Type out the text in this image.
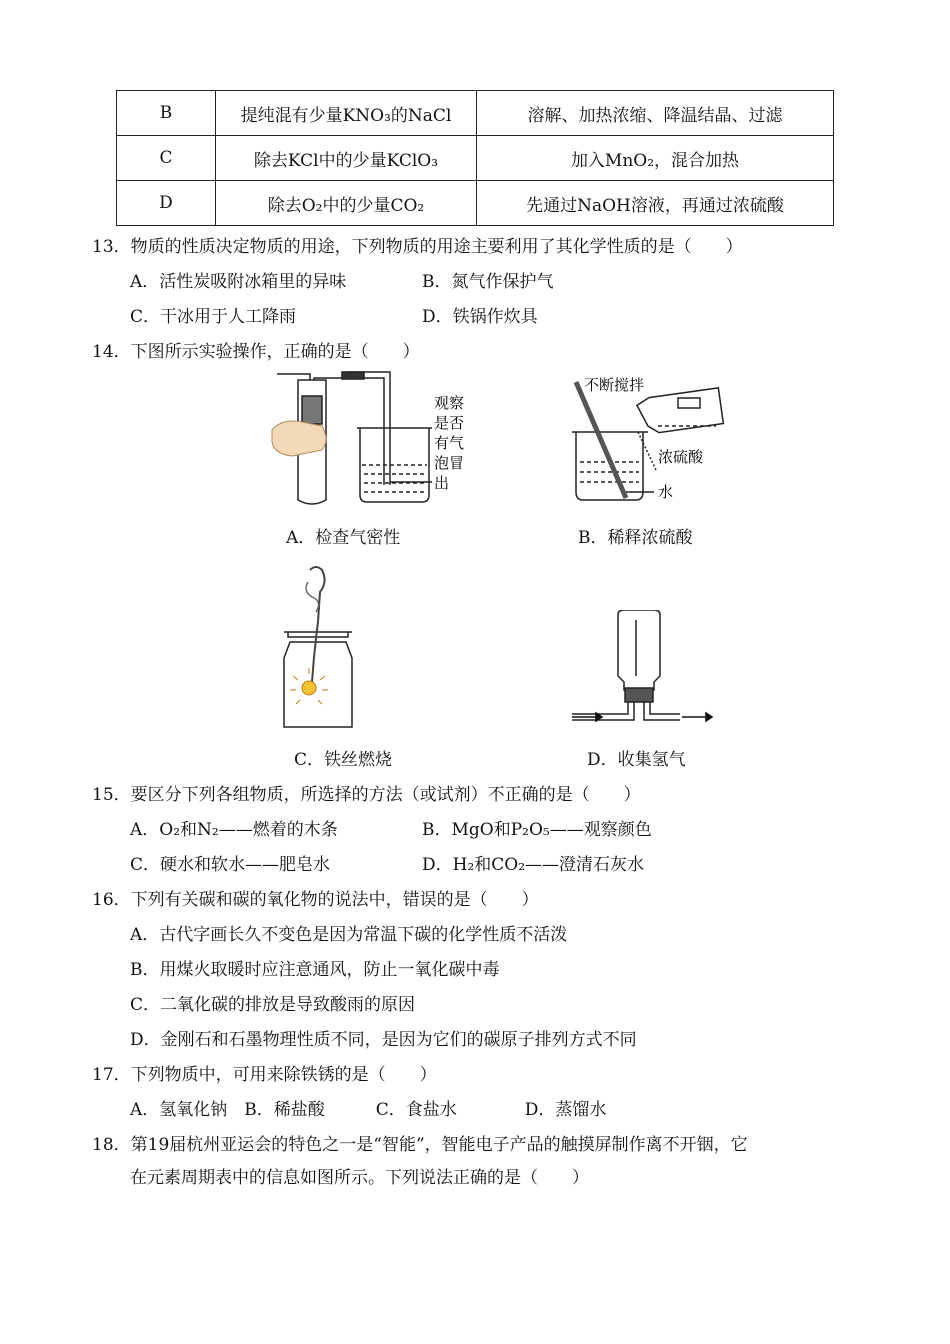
B	提纯混有少量KNO₃的NaCl	溶解、加热浓缩、降温结晶、过滤
C	除去KCl中的少量KClO₃	加入MnO₂，混合加热
D	除去O₂中的少量CO₂	先通过NaOH溶液，再通过浓硫酸
13．物质的性质决定物质的用途，下列物质的用途主要利用了其化学性质的是（　　）
A．活性炭吸附冰箱里的异味	B．氮气作保护气
C．干冰用于人工降雨	D．铁锅作炊具
14．下图所示实验操作，正确的是（　　）
观察
是否
有气
泡冒
出
A．检查气密性
不断搅拌
浓硫酸
水
B．稀释浓硫酸
C．铁丝燃烧	D．收集氢气
15．要区分下列各组物质，所选择的方法（或试剂）不正确的是（　　）
A．O₂和N₂——燃着的木条	B．MgO和P₂O₅——观察颜色
C．硬水和软水——肥皂水	D．H₂和CO₂——澄清石灰水
16．下列有关碳和碳的氧化物的说法中，错误的是（　　）
A．古代字画长久不变色是因为常温下碳的化学性质不活泼
B．用煤火取暖时应注意通风，防止一氧化碳中毒
C．二氧化碳的排放是导致酸雨的原因
D．金刚石和石墨物理性质不同，是因为它们的碳原子排列方式不同
17．下列物质中，可用来除铁锈的是（　　）
A．氢氧化钠　B．稀盐酸　　　C．食盐水　　　　D．蒸馏水
18．第19届杭州亚运会的特色之一是“智能”，智能电子产品的触摸屏制作离不开铟，它
在元素周期表中的信息如图所示。下列说法正确的是（　　）
